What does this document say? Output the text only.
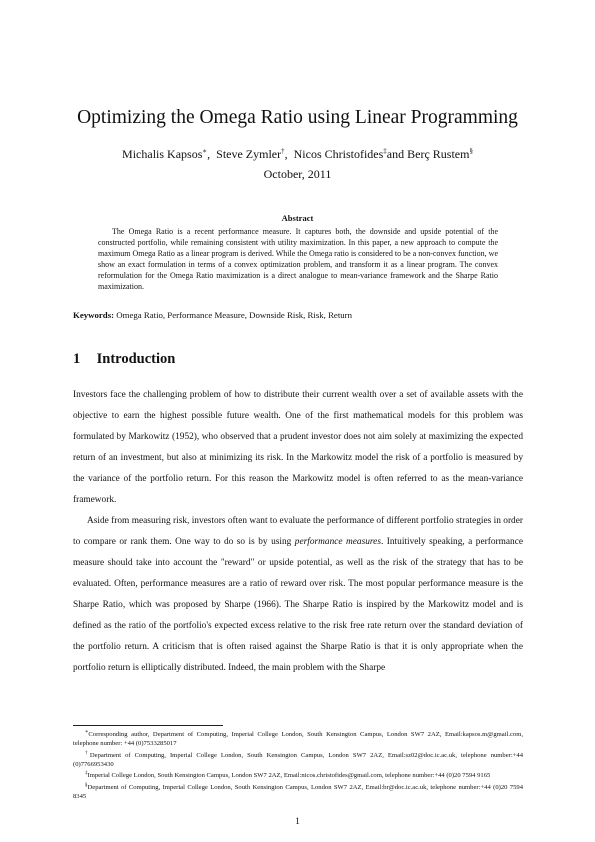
Optimizing the Omega Ratio using Linear Programming
Michalis Kapsos∗,  Steve Zymler†,  Nicos Christofides‡and Berç Rustem§
October, 2011
Abstract
The Omega Ratio is a recent performance measure. It captures both, the downside and upside potential of the constructed portfolio, while remaining consistent with utility maximization. In this paper, a new approach to compute the maximum Omega Ratio as a linear program is derived. While the Omega ratio is considered to be a non-convex function, we show an exact formulation in terms of a convex optimization problem, and transform it as a linear program. The convex reformulation for the Omega Ratio maximization is a direct analogue to mean-variance framework and the Sharpe Ratio maximization.
Keywords: Omega Ratio, Performance Measure, Downside Risk, Risk, Return
1 Introduction

Investors face the challenging problem of how to distribute their current wealth over a set of available assets with the objective to earn the highest possible future wealth. One of the first mathematical models for this problem was formulated by Markowitz (1952), who observed that a prudent investor does not aim solely at maximizing the expected return of an investment, but also at minimizing its risk. In the Markowitz model the risk of a portfolio is measured by the variance of the portfolio return. For this reason the Markowitz model is often referred to as the mean-variance framework.

Aside from measuring risk, investors often want to evaluate the performance of different portfolio strategies in order to compare or rank them. One way to do so is by using performance measures. Intuitively speaking, a performance measure should take into account the "reward" or upside potential, as well as the risk of the strategy that has to be evaluated. Often, performance measures are a ratio of reward over risk. The most popular performance measure is the Sharpe Ratio, which was proposed by Sharpe (1966). The Sharpe Ratio is inspired by the Markowitz model and is defined as the ratio of the portfolio's expected excess relative to the risk free rate return over the standard deviation of the portfolio return. A criticism that is often raised against the Sharpe Ratio is that it is only appropriate when the portfolio return is elliptically distributed. Indeed, the main problem with the Sharpe

∗Corresponding author, Department of Computing, Imperial College London, South Kensington Campus, London SW7 2AZ, Email:kapsos.m@gmail.com, telephone number: +44 (0)7533285017

†Department of Computing, Imperial College London, South Kensington Campus, London SW7 2AZ, Email:sz02@doc.ic.ac.uk, telephone number:+44 (0)7766953430

‡Imperial College London, South Kensington Campus, London SW7 2AZ, Email:nicos.christofides@gmail.com, telephone number:+44 (0)20 7594 9165

§Department of Computing, Imperial College London, South Kensington Campus, London SW7 2AZ, Email:br@doc.ic.ac.uk, telephone number:+44 (0)20 7594 8345

1
